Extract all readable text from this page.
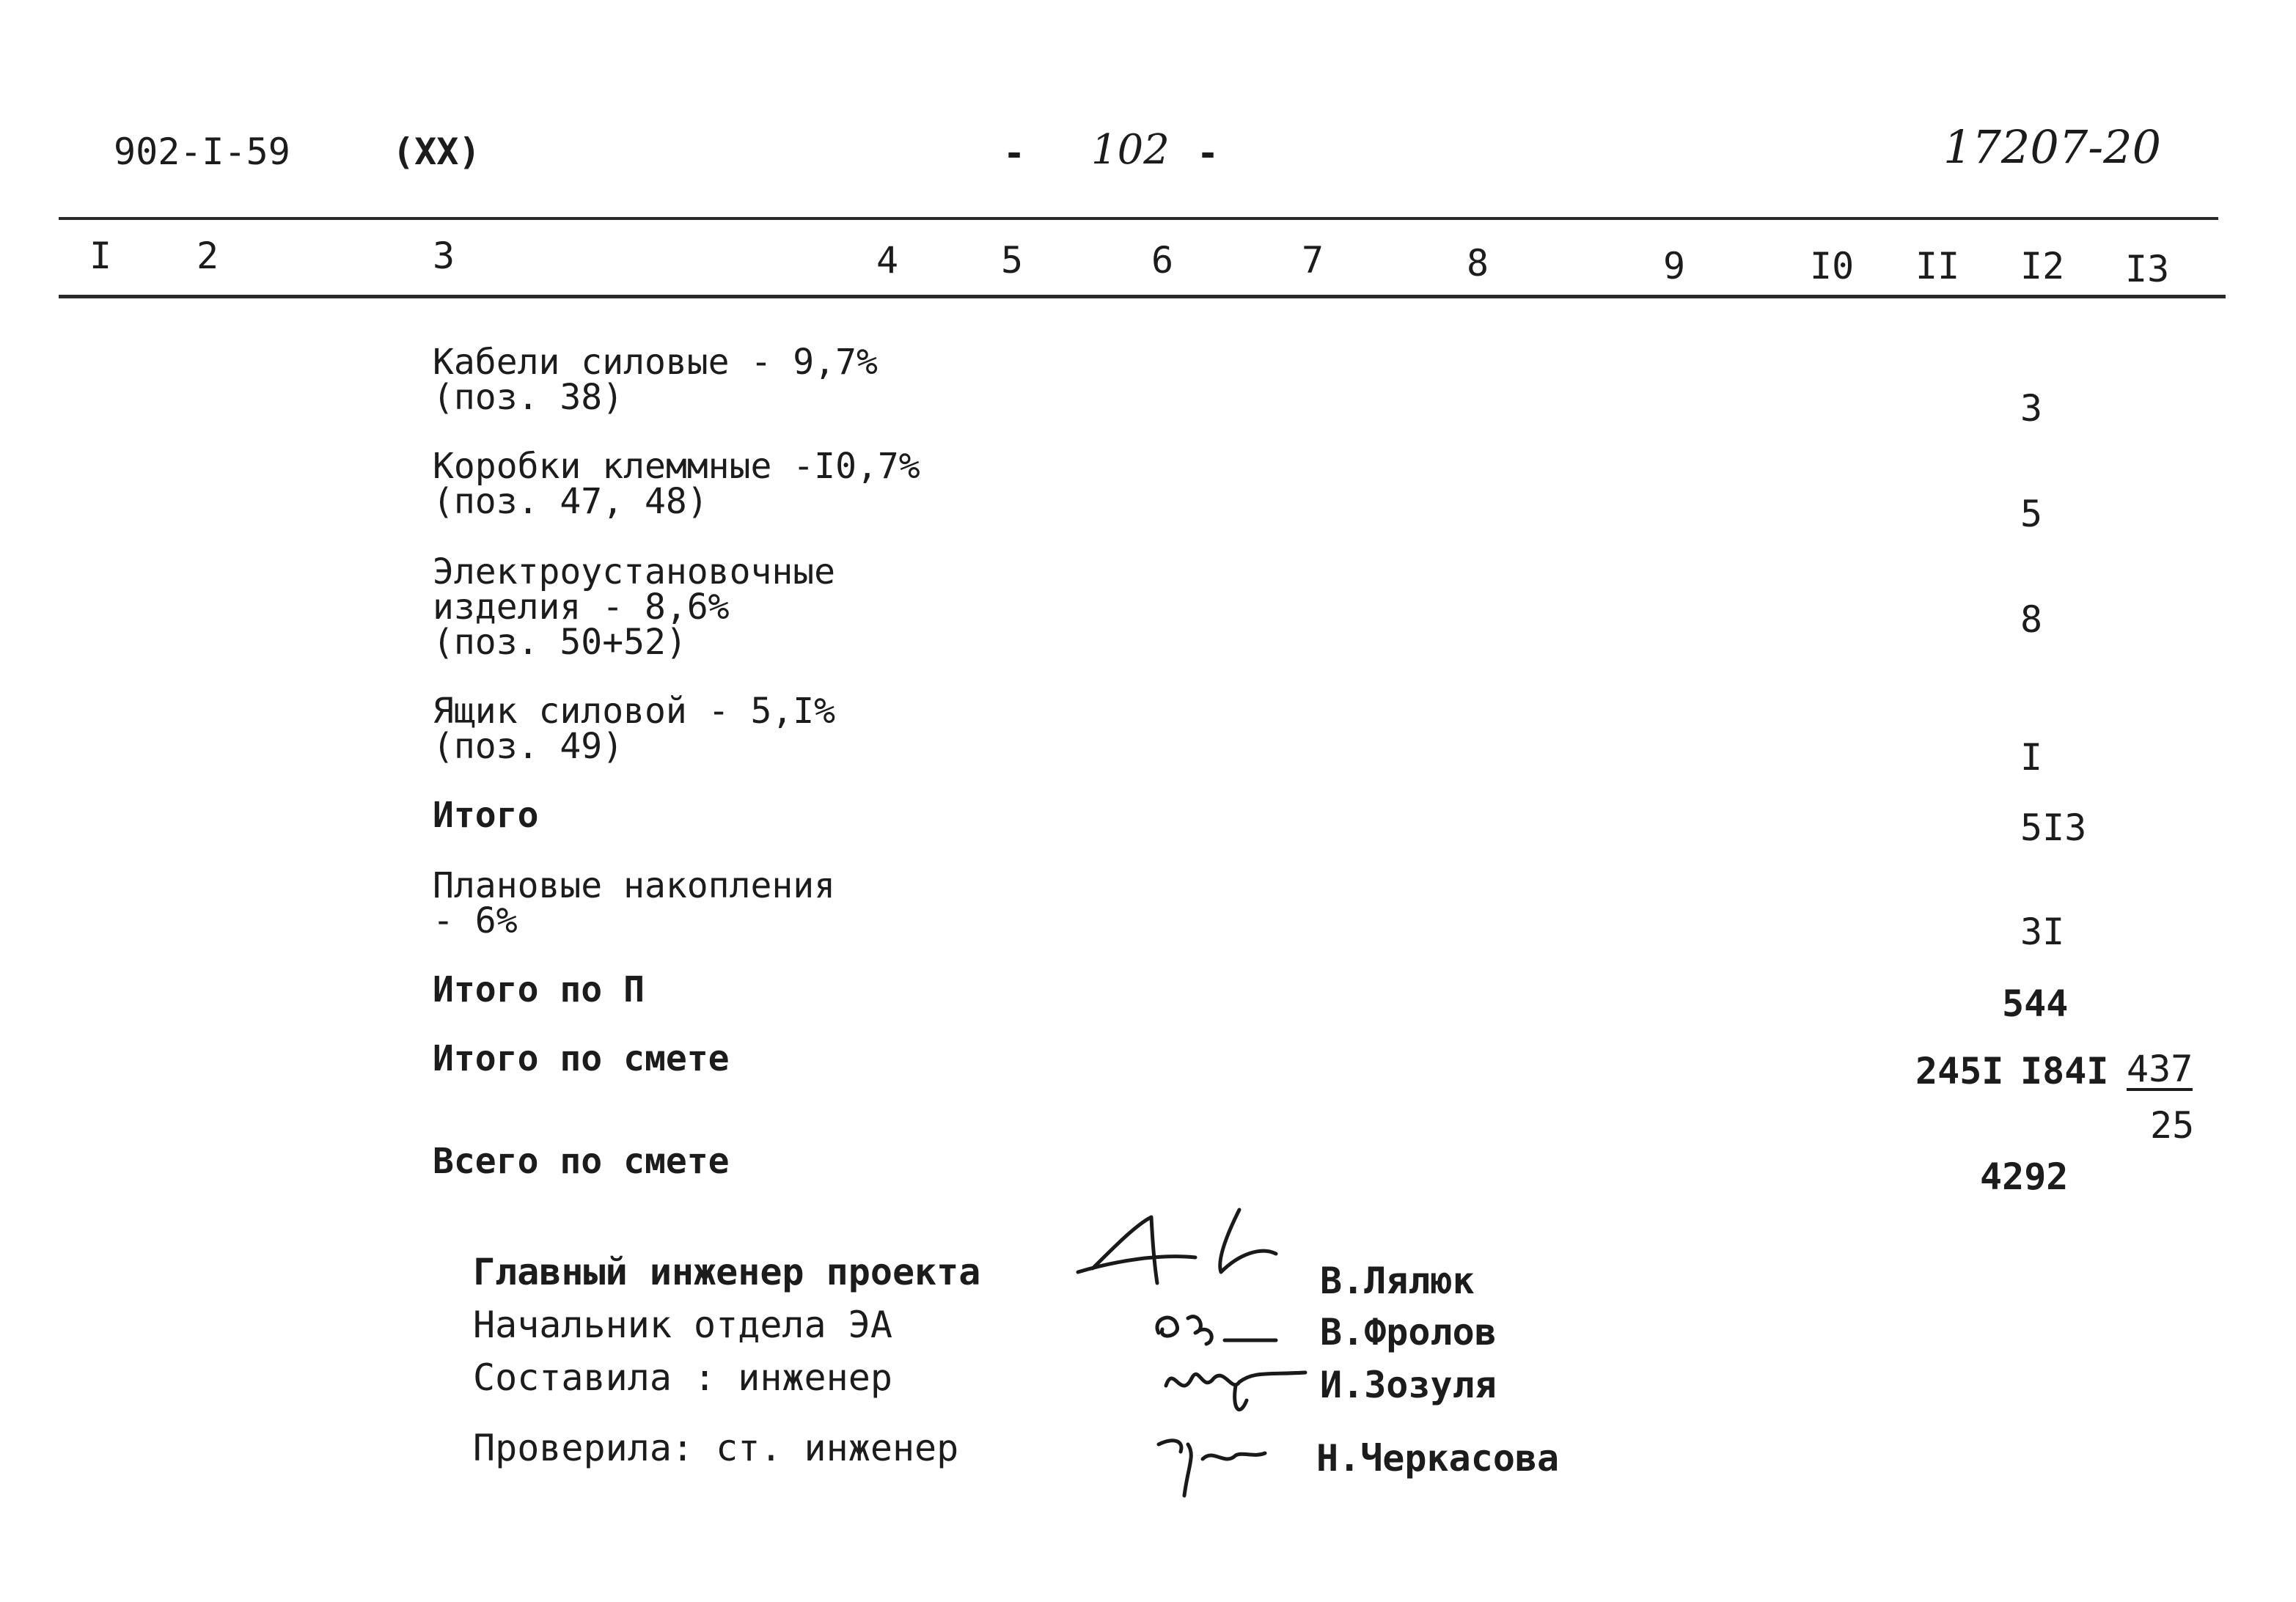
902-I-59	(XX)	- 102 -	17207-20
I 2	3	4	5	6	7	8	9	I0 II I2 I3
Кабели силовые - 9,7%
(поз. 38)	3
Коробки клеммные -I0,7%
(поз. 47, 48)	5
Электроустановочные
изделия - 8,6%
(поз. 50+52)
8
Ящик силовой - 5,I%
(поз. 49)	I
Итого	5I3
Плановые накопления
- 6%	3I
Итого по П	544
Итого по смете	245I I84I 437
25
Всего по смете	4292
Главный инженер проекта
Начальник отдела ЭА
Составила : инженер
Проверила: ст. инженер
В.Лялюк
В.Фролов
И.Зозуля
Н.Черкасова
